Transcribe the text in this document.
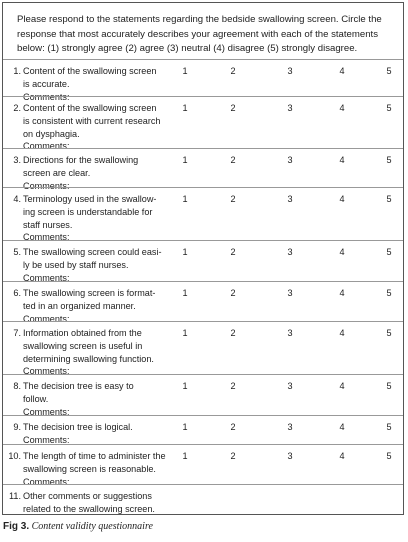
Please respond to the statements regarding the bedside swallowing screen. Circle the response that most accurately describes your agreement with each of the statements below: (1) strongly agree (2) agree (3) neutral (4) disagree (5) strongly disagree.

1. Content of the swallowing screen
is accurate.
Comments:
1	2	3	4	5
2. Content of the swallowing screen
is consistent with current research
on dysphagia.
Comments:
1	2	3	4	5
3. Directions for the swallowing
screen are clear.
Comments:
1	2	3	4	5
4. Terminology used in the swallow-
ing screen is understandable for
staff nurses.
Comments:
1	2	3	4	5
5. The swallowing screen could easi-
ly be used by staff nurses.
Comments:
1	2	3	4	5
6. The swallowing screen is format-
ted in an organized manner.
Comments:
1	2	3	4	5
7. Information obtained from the
swallowing screen is useful in
determining swallowing function.
Comments:
1	2	3	4	5
8. The decision tree is easy to
follow.
Comments:
1	2	3	4	5
9. The decision tree is logical.
Comments:
1	2	3	4	5
10. The length of time to administer the
swallowing screen is reasonable.
Comments:
1	2	3	4	5
11. Other comments or suggestions
related to the swallowing screen.
Fig 3. Content validity questionnaire
